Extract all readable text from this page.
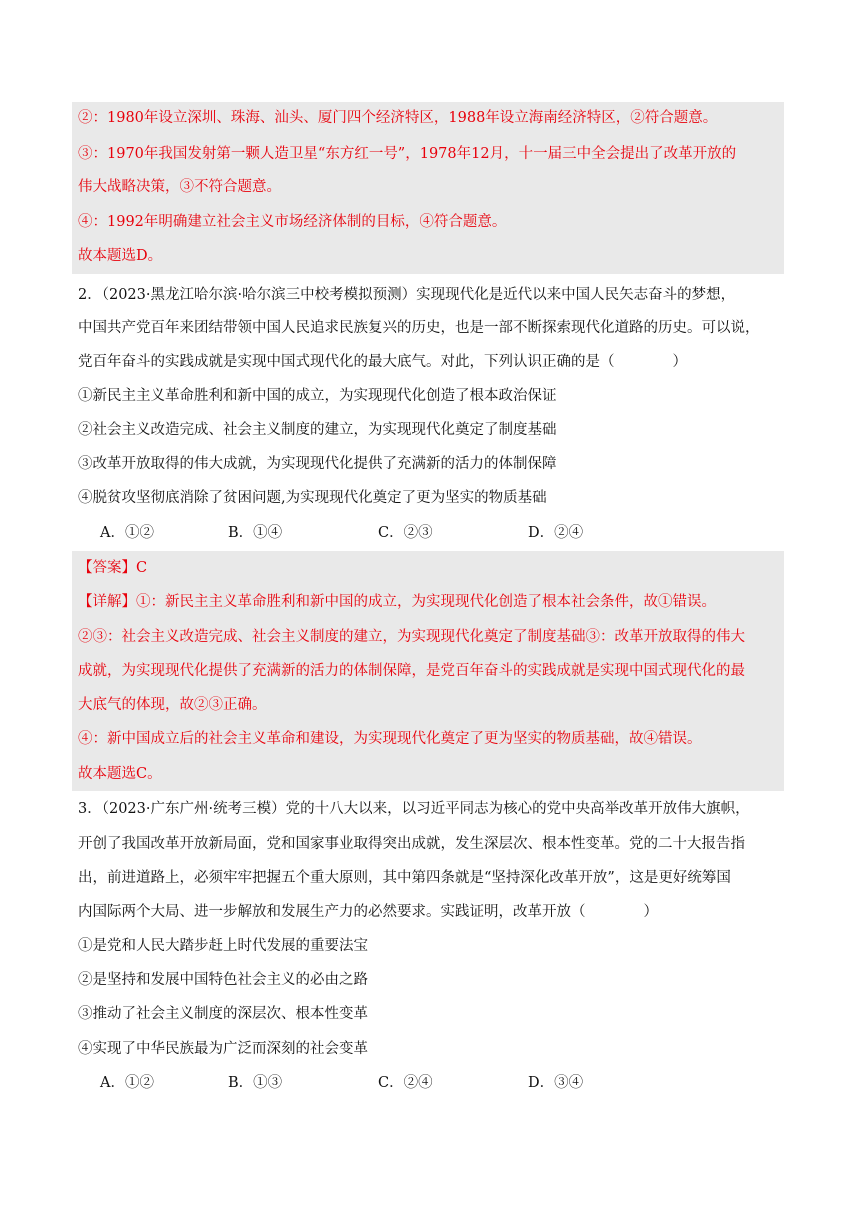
②：1980年设立深圳、珠海、汕头、厦门四个经济特区，1988年设立海南经济特区，②符合题意。
③：1970年我国发射第一颗人造卫星“东方红一号”，1978年12月，十一届三中全会提出了改革开放的
伟大战略决策，③不符合题意。
④：1992年明确建立社会主义市场经济体制的目标，④符合题意。
故本题选D。
2．（2023·黑龙江哈尔滨·哈尔滨三中校考模拟预测）实现现代化是近代以来中国人民矢志奋斗的梦想，
中国共产党百年来团结带领中国人民追求民族复兴的历史，也是一部不断探索现代化道路的历史。可以说，
党百年奋斗的实践成就是实现中国式现代化的最大底气。对此，下列认识正确的是（　　　　）
①新民主主义革命胜利和新中国的成立，为实现现代化创造了根本政治保证
②社会主义改造完成、社会主义制度的建立，为实现现代化奠定了制度基础
③改革开放取得的伟大成就，为实现现代化提供了充满新的活力的体制保障
④脱贫攻坚彻底消除了贫困问题,为实现现代化奠定了更为坚实的物质基础
A．①②	B．①④	C．②③	D．②④
【答案】C
【详解】①：新民主主义革命胜利和新中国的成立，为实现现代化创造了根本社会条件，故①错误。
②③：社会主义改造完成、社会主义制度的建立，为实现现代化奠定了制度基础③：改革开放取得的伟大
成就，为实现现代化提供了充满新的活力的体制保障，是党百年奋斗的实践成就是实现中国式现代化的最
大底气的体现，故②③正确。
④：新中国成立后的社会主义革命和建设，为实现现代化奠定了更为坚实的物质基础，故④错误。
故本题选C。
3．（2023·广东广州·统考三模）党的十八大以来，以习近平同志为核心的党中央高举改革开放伟大旗帜，
开创了我国改革开放新局面，党和国家事业取得突出成就，发生深层次、根本性变革。党的二十大报告指
出，前进道路上，必须牢牢把握五个重大原则，其中第四条就是“坚持深化改革开放”，这是更好统筹国
内国际两个大局、进一步解放和发展生产力的必然要求。实践证明，改革开放（　　　　）
①是党和人民大踏步赶上时代发展的重要法宝
②是坚持和发展中国特色社会主义的必由之路
③推动了社会主义制度的深层次、根本性变革
④实现了中华民族最为广泛而深刻的社会变革
A．①②	B．①③	C．②④	D．③④
